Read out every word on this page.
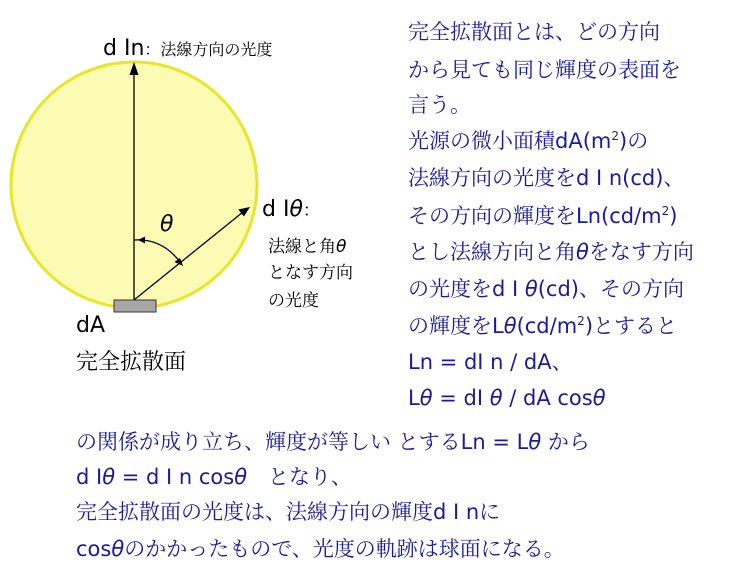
d In：法線方向の光度
d Iθ：
法線と角θ
となす方向
の光度
θ
dA
完全拡散面
完全拡散面とは、どの方向
から見ても同じ輝度の表面を
言う。
光源の微小面積$dA(m^2)$の
法線方向の光度をd I n(cd)、
その方向の輝度を$Ln(cd/m^2)$
とし法線方向と角θをなす方向
の光度をd I θ(cd)、その方向
の輝度を$L\theta(cd/m^2)$とすると
Ln = dI n / dA、
Lθ = dI θ / dA cosθ
の関係が成り立ち、輝度が等しい とするLn = Lθ から
d Iθ = d I n cosθ　となり、
完全拡散面の光度は、法線方向の輝度d I nに
cosθのかかったもので、光度の軌跡は球面になる。
